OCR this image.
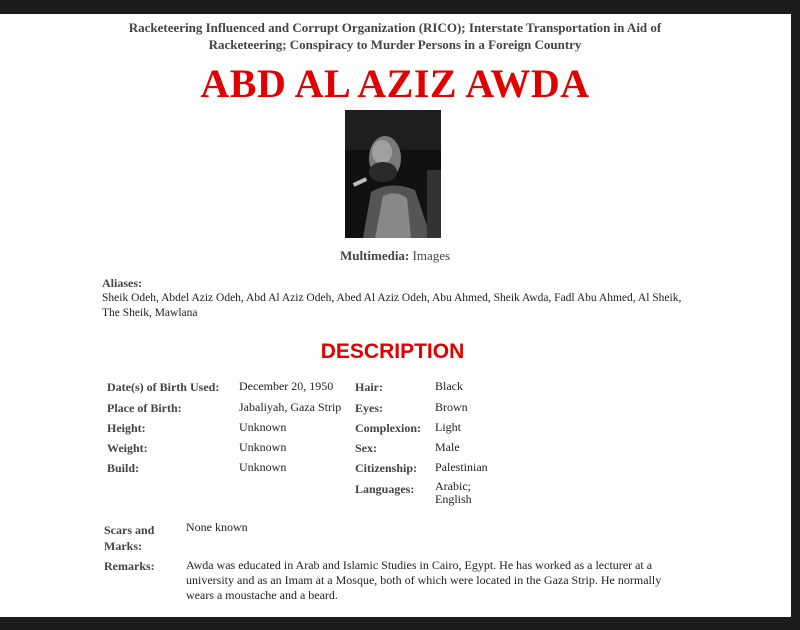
Racketeering Influenced and Corrupt Organization (RICO); Interstate Transportation in Aid of Racketeering; Conspiracy to Murder Persons in a Foreign Country
ABD AL AZIZ AWDA
Multimedia: Images
Aliases:
Sheik Odeh, Abdel Aziz Odeh, Abd Al Aziz Odeh, Abed Al Aziz Odeh, Abu Ahmed, Sheik Awda, Fadl Abu Ahmed, Al Sheik, The Sheik, Mawlana
DESCRIPTION
Date(s) of Birth Used: December 20, 1950
Place of Birth:	Jabaliyah, Gaza Strip
Height:	Unknown
Weight:	Unknown
Build:	Unknown
Hair:	Black
Eyes:	Brown
Complexion: Light
Sex:	Male
Citizenship: Palestinian
Languages: Arabic;
English
Scars and Marks:
None known
Remarks:	Awda was educated in Arab and Islamic Studies in Cairo, Egypt. He has worked as a lecturer at a university and as an Imam at a Mosque, both of which were located in the Gaza Strip. He normally wears a moustache and a beard.
